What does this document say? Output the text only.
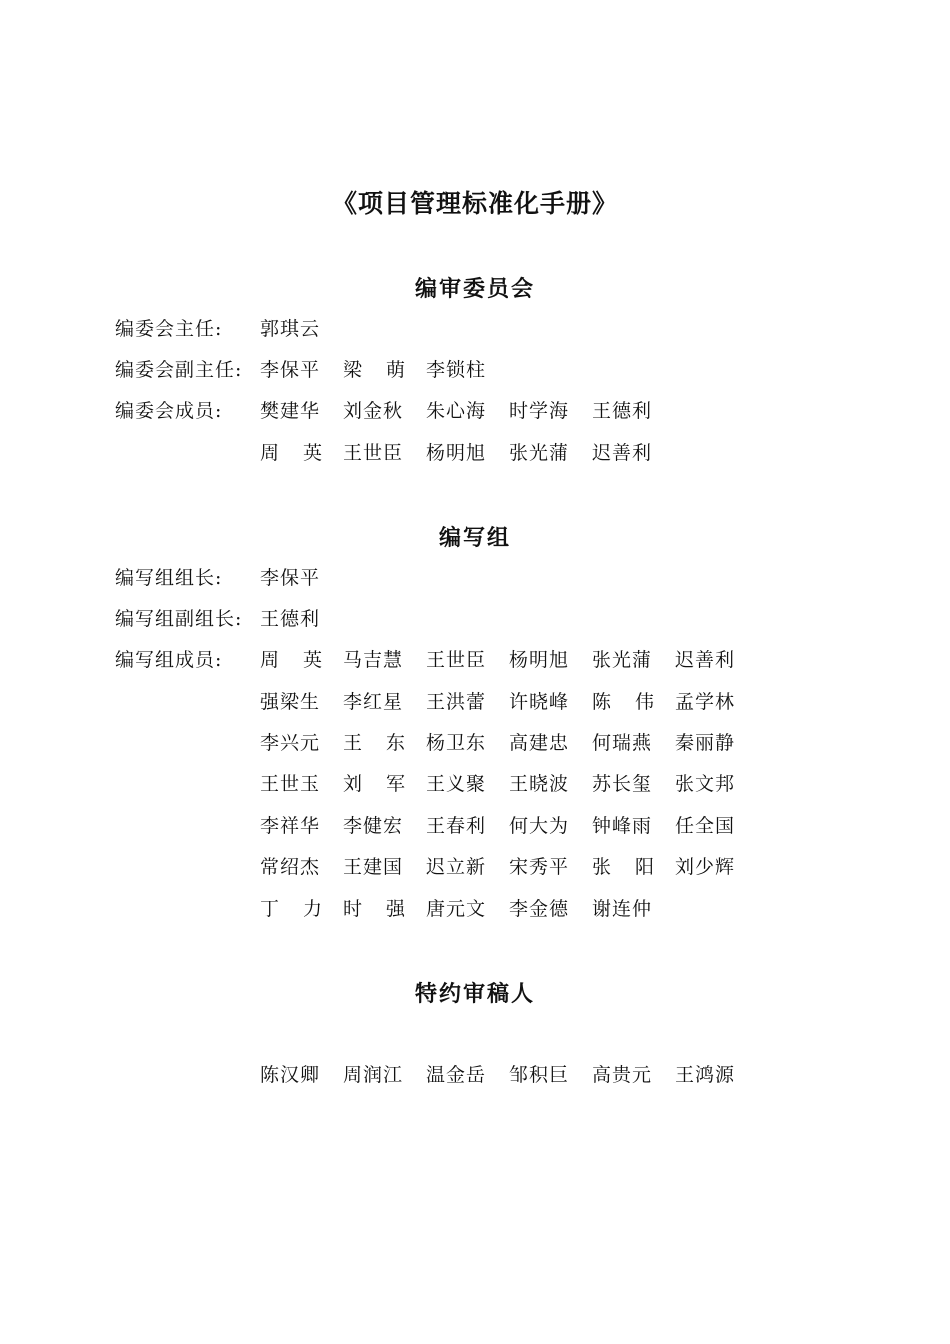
《项目管理标准化手册》
编审委员会
编委会主任: 郭琪云
编委会副主任: 李保平 梁 萌 李锁柱
编委会成员: 樊建华 刘金秋 朱心海 时学海 王德利
周 英 王世臣 杨明旭 张光蒲 迟善利
编写组
编写组组长: 李保平
编写组副组长: 王德利
编写组成员: 周 英 马吉慧 王世臣 杨明旭 张光蒲 迟善利
强梁生 李红星 王洪蕾 许晓峰 陈 伟 孟学林
李兴元 王 东 杨卫东 高建忠 何瑞燕 秦丽静
王世玉 刘 军 王义聚 王晓波 苏长玺 张文邦
李祥华 李健宏 王春利 何大为 钟峰雨 任全国
常绍杰 王建国 迟立新 宋秀平 张 阳 刘少辉
丁 力 时 强 唐元文 李金德 谢连仲
特约审稿人
陈汉卿 周润江 温金岳 邹积巨 高贵元 王鸿源
